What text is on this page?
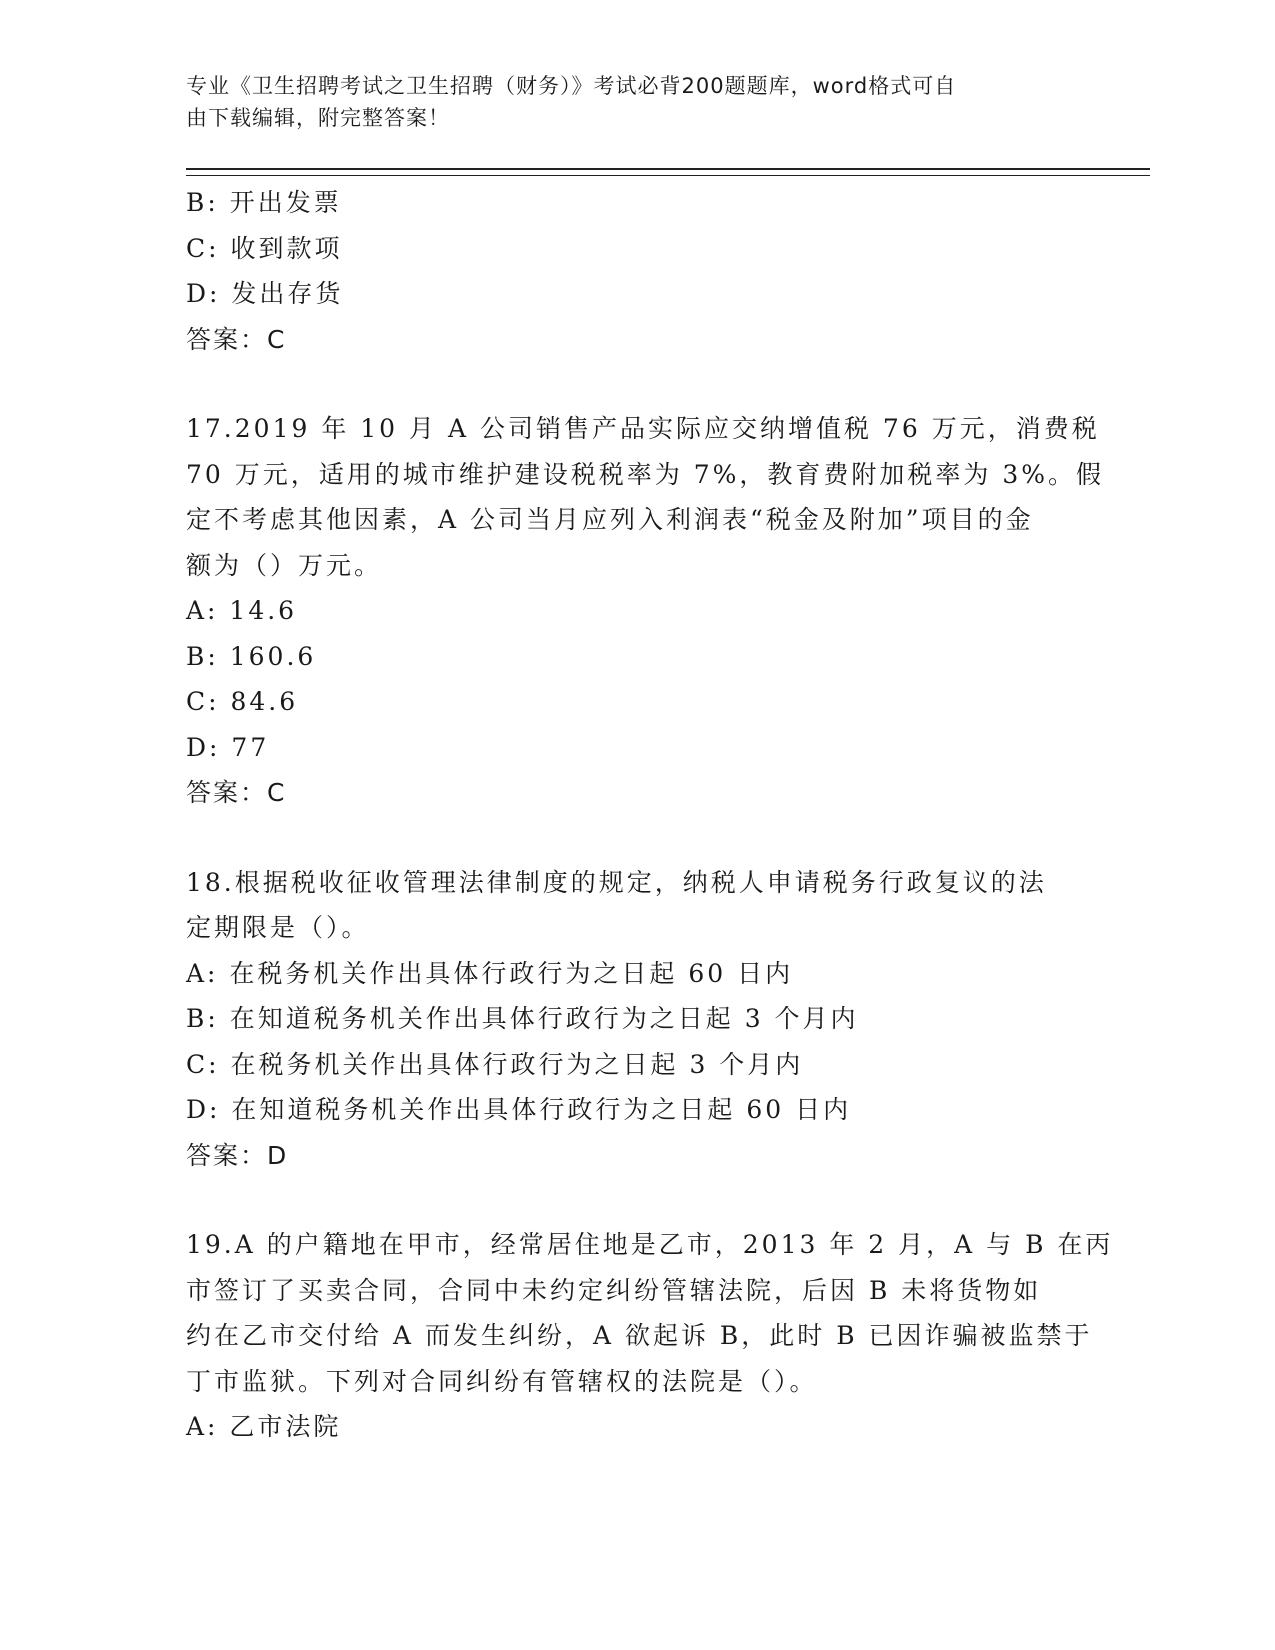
专业《卫生招聘考试之卫生招聘（财务）》考试必背200题题库，word格式可自

由下载编辑，附完整答案！

B: 开出发票

C: 收到款项

D: 发出存货

答案：C

17.2019 年 10 月 A 公司销售产品实际应交纳增值税 76 万元，消费税

70 万元，适用的城市维护建设税税率为 7%，教育费附加税率为 3%。假

定不考虑其他因素，A 公司当月应列入利润表“税金及附加”项目的金

额为（）万元。

A: 14.6

B: 160.6

C: 84.6

D: 77

答案：C

18.根据税收征收管理法律制度的规定，纳税人申请税务行政复议的法

定期限是（）。

A: 在税务机关作出具体行政行为之日起 60 日内

B: 在知道税务机关作出具体行政行为之日起 3 个月内

C: 在税务机关作出具体行政行为之日起 3 个月内

D: 在知道税务机关作出具体行政行为之日起 60 日内

答案：D

19.A 的户籍地在甲市，经常居住地是乙市，2013 年 2 月，A 与 B 在丙

市签订了买卖合同，合同中未约定纠纷管辖法院，后因 B 未将货物如

约在乙市交付给 A 而发生纠纷，A 欲起诉 B，此时 B 已因诈骗被监禁于

丁市监狱。下列对合同纠纷有管辖权的法院是（）。

A: 乙市法院
